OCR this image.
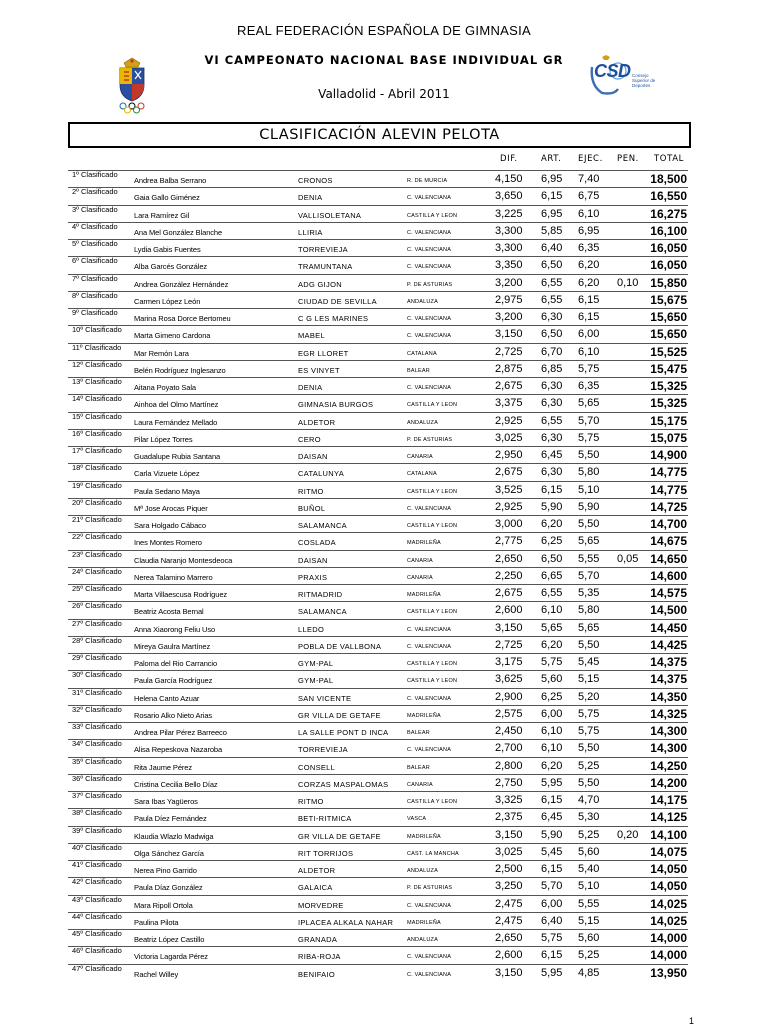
REAL FEDERACIÓN ESPAÑOLA DE GIMNASIA
VI CAMPEONATO NACIONAL BASE INDIVIDUAL GR
Valladolid - Abril 2011
CSD Consejo
Superior de
Deportes
CLASIFICACIÓN ALEVIN PELOTA
DIF.	ART. EJEC. PEN. TOTAL
1º Clasificado
Andrea Balba Serrano	CRONOS	R. DE MURCIA	4,150 6,95 7,40	18,500
2º Clasificado
Gaia Gallo Giménez	DENIA	C. VALENCIANA	3,650 6,15 6,75	16,550
3º Clasificado
Lara Ramírez Gil	VALLISOLETANA	CASTILLA Y LEON	3,225 6,95 6,10	16,275
4º Clasificado
Ana Mel González Blanche	LLIRIA	C. VALENCIANA	3,300 5,85 6,95	16,100
5º Clasificado
Lydia Gabis Fuentes	TORREVIEJA	C. VALENCIANA	3,300 6,40 6,35	16,050
6º Clasificado
Alba Garcés González	TRAMUNTANA	C. VALENCIANA	3,350 6,50 6,20	16,050
7º Clasificado
Andrea González Hernández	ADG GIJON	P. DE ASTURIAS	3,200 6,55 6,20 0,10 15,850
8º Clasificado
Carmen López León	CIUDAD DE SEVILLA	ANDALUZA	2,975 6,55 6,15	15,675
9º Clasificado
Marina Rosa Dorce Bertomeu	C G LES MARINES	C. VALENCIANA	3,200 6,30 6,15	15,650
10º Clasificado
Marta Gimeno Cardona	MABEL	C. VALENCIANA	3,150 6,50 6,00	15,650
11º Clasificado
Mar Remón Lara	EGR LLORET	CATALANA	2,725 6,70 6,10	15,525
12º Clasificado
Belén Rodríguez Inglesanzo	ES VINYET	BALEAR	2,875 6,85 5,75	15,475
13º Clasificado
Aitana Poyato Sala	DENIA	C. VALENCIANA	2,675 6,30 6,35	15,325
14º Clasificado
Ainhoa del Olmo Martínez	GIMNASIA BURGOS	CASTILLA Y LEON	3,375 6,30 5,65	15,325
15º Clasificado
Laura Fernández Mellado	ALDETOR	ANDALUZA	2,925 6,55 5,70	15,175
16º Clasificado
Pilar López Torres	CERO	P. DE ASTURIAS	3,025 6,30 5,75	15,075
17º Clasificado
Guadalupe Rubia Santana	DAISAN	CANARIA	2,950 6,45 5,50	14,900
18º Clasificado
Carla Vizuete López	CATALUNYA	CATALANA	2,675 6,30 5,80	14,775
19º Clasificado
Paula Sedano Maya	RITMO	CASTILLA Y LEON	3,525 6,15 5,10	14,775
20º Clasificado
Mª Jose Arocas Piquer	BUÑOL	C. VALENCIANA	2,925 5,90 5,90	14,725
21º Clasificado
Sara Holgado Cábaco	SALAMANCA	CASTILLA Y LEON	3,000 6,20 5,50	14,700
22º Clasificado
Ines Montes Romero	COSLADA	MADRILEÑA	2,775 6,25 5,65	14,675
23º Clasificado
Claudia Naranjo Montesdeoca	DAISAN	CANARIA	2,650 6,50 5,55 0,05 14,650
24º Clasificado
Nerea Talamino Marrero	PRAXIS	CANARIA	2,250 6,65 5,70	14,600
25º Clasificado
Marta Villaescusa Rodríguez	RITMADRID	MADRILEÑA	2,675 6,55 5,35	14,575
26º Clasificado
Beatriz Acosta Bernal	SALAMANCA	CASTILLA Y LEON	2,600 6,10 5,80	14,500
27º Clasificado
Anna Xiaorong Feliu Uso	LLEDO	C. VALENCIANA	3,150 5,65 5,65	14,450
28º Clasificado
Mireya Gaulra Martínez	POBLA DE VALLBONA	C. VALENCIANA	2,725 6,20 5,50	14,425
29º Clasificado
Paloma del Rio Carrancio	GYM-PAL	CASTILLA Y LEON	3,175 5,75 5,45	14,375
30º Clasificado
Paula García Rodríguez	GYM-PAL	CASTILLA Y LEON	3,625 5,60 5,15	14,375
31º Clasificado
Helena Canto Azuar	SAN VICENTE	C. VALENCIANA	2,900 6,25 5,20	14,350
32º Clasificado
Rosario Alko Nieto Arias	GR VILLA DE GETAFE	MADRILEÑA	2,575 6,00 5,75	14,325
33º Clasificado
Andrea Pilar Pérez Barreeco	LA SALLE PONT D INCA	BALEAR	2,450 6,10 5,75	14,300
34º Clasificado
Alisa Repeskova Nazaroba	TORREVIEJA	C. VALENCIANA	2,700 6,10 5,50	14,300
35º Clasificado
Rita Jaume Pérez	CONSELL	BALEAR	2,800 6,20 5,25	14,250
36º Clasificado
Cristina Cecilia Bello Díaz	CORZAS MASPALOMAS	CANARIA	2,750 5,95 5,50	14,200
37º Clasificado
Sara Ibas Yagüeros	RITMO	CASTILLA Y LEON	3,325 6,15 4,70	14,175
38º Clasificado
Paula Díez Fernández	BETI-RITMICA	VASCA	2,375 6,45 5,30	14,125
39º Clasificado
Klaudia Wlazlo Madwiga	GR VILLA DE GETAFE	MADRILEÑA	3,150 5,90 5,25 0,20 14,100
40º Clasificado
Olga Sánchez García	RIT TORRIJOS	CAST. LA MANCHA	3,025 5,45 5,60	14,075
41º Clasificado
Nerea Pino Garrido	ALDETOR	ANDALUZA	2,500 6,15 5,40	14,050
42º Clasificado
Paula Díaz González	GALAICA	P. DE ASTURIAS	3,250 5,70 5,10	14,050
43º Clasificado
Mara Ripoll Ortola	MORVEDRE	C. VALENCIANA	2,475 6,00 5,55	14,025
44º Clasificado
Paulina Pilota	IPLACEA ALKALA NAHAR	MADRILEÑA	2,475 6,40 5,15	14,025
45º Clasificado
Beatriz López Castillo	GRANADA	ANDALUZA	2,650 5,75 5,60	14,000
46º Clasificado
Victoria Lagarda Pérez	RIBA-ROJA	C. VALENCIANA	2,600 6,15 5,25	14,000
47º Clasificado
Rachel Willey	BENIFAIO	C. VALENCIANA	3,150 5,95 4,85	13,950
1
